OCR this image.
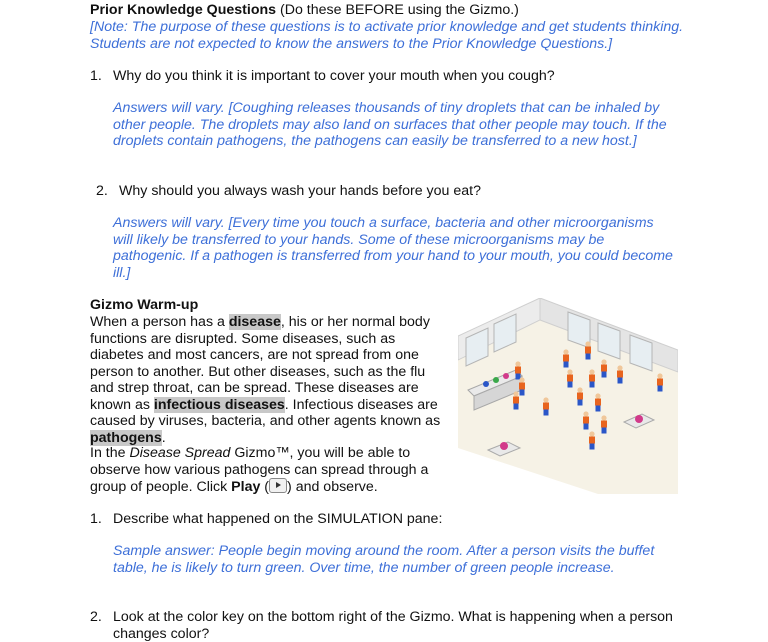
Prior Knowledge Questions (Do these BEFORE using the Gizmo.)
[Note: The purpose of these questions is to activate prior knowledge and get students thinking. Students are not expected to know the answers to the Prior Knowledge Questions.]
1. Why do you think it is important to cover your mouth when you cough?
Answers will vary. [Coughing releases thousands of tiny droplets that can be inhaled by other people. The droplets may also land on surfaces that other people may touch. If the droplets contain pathogens, the pathogens can easily be transferred to a new host.]
2. Why should you always wash your hands before you eat?
Answers will vary. [Every time you touch a surface, bacteria and other microorganisms will likely be transferred to your hands. Some of these microorganisms may be pathogenic. If a pathogen is transferred from your hand to your mouth, you could become ill.]
Gizmo Warm-up
When a person has a disease, his or her normal body functions are disrupted. Some diseases, such as diabetes and most cancers, are not spread from one person to another. But other diseases, such as the flu and strep throat, can be spread. These diseases are known as infectious diseases. Infectious diseases are caused by viruses, bacteria, and other agents known as pathogens.
In the Disease Spread Gizmo™, you will be able to observe how various pathogens can spread through a group of people. Click Play ( ) and observe.
1. Describe what happened on the SIMULATION pane:
Sample answer: People begin moving around the room. After a person visits the buffet table, he is likely to turn green. Over time, the number of green people increase.
2. Look at the color key on the bottom right of the Gizmo. What is happening when a person changes color?
